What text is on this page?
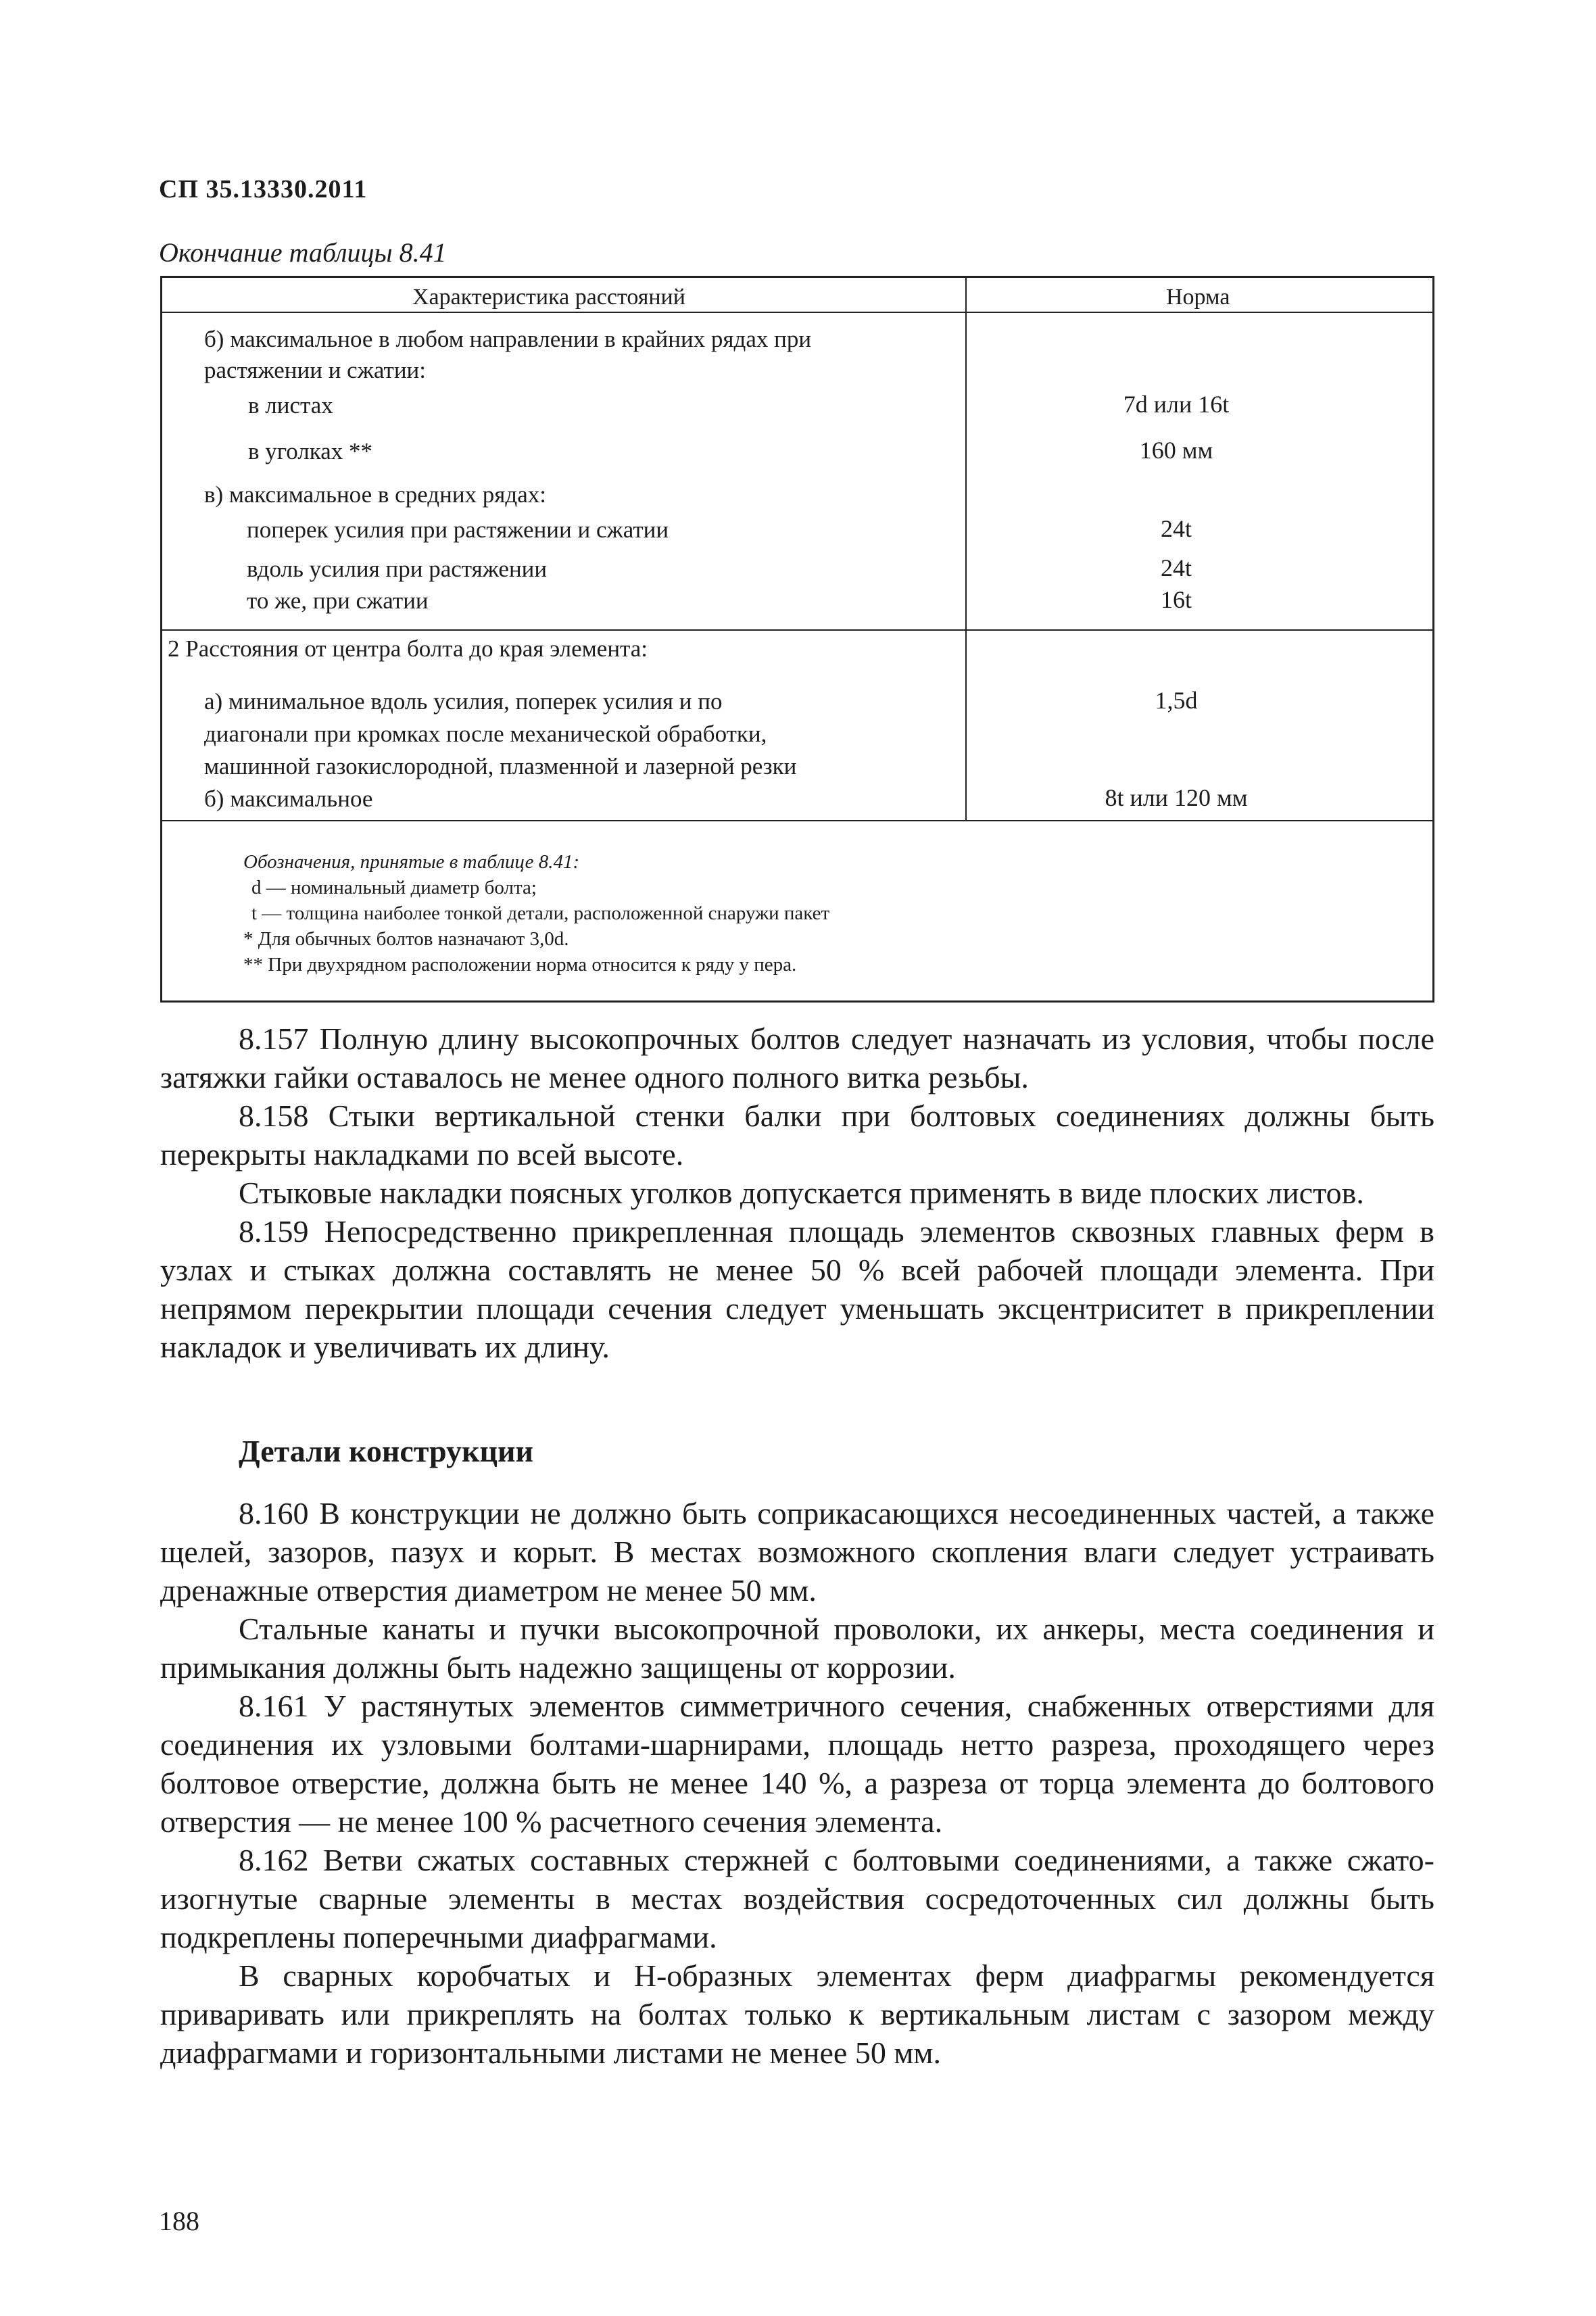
СП 35.13330.2011
Окончание таблицы 8.41
Характеристика расстояний	Норма
б) максимальное в любом направлении в крайних рядах при
растяжении и сжатии:
в листах	7d или 16t
в уголках **	160 мм
в) максимальное в средних рядах:
поперек усилия при растяжении и сжатии	24t
вдоль усилия при растяжении	24t
то же, при сжатии	16t
2 Расстояния от центра болта до края элемента:
а) минимальное вдоль усилия, поперек усилия и по	1,5d
диагонали при кромках после механической обработки,
машинной газокислородной, плазменной и лазерной резки
б) максимальное	8t или 120 мм
Обозначения, принятые в таблице 8.41:
d — номинальный диаметр болта;
t — толщина наиболее тонкой детали, расположенной снаружи пакет
* Для обычных болтов назначают 3,0d.
** При двухрядном расположении норма относится к ряду у пера.

8.157 Полную длину высокопрочных болтов следует назначать из условия, чтобы после затяжки гайки оставалось не менее одного полного витка резьбы.

8.158 Стыки вертикальной стенки балки при болтовых соединениях должны быть перекрыты накладками по всей высоте.

Стыковые накладки поясных уголков допускается применять в виде плоских листов.

8.159 Непосредственно прикрепленная площадь элементов сквозных главных ферм в узлах и стыках должна составлять не менее 50 % всей рабочей площади элемента. При непрямом перекрытии площади сечения следует уменьшать эксцентриситет в прикреплении накладок и увеличивать их длину.

Детали конструкции

8.160 В конструкции не должно быть соприкасающихся несоединенных частей, а также щелей, зазоров, пазух и корыт. В местах возможного скопления влаги следует устраивать дренажные отверстия диаметром не менее 50 мм.

Стальные канаты и пучки высокопрочной проволоки, их анкеры, места соединения и примыкания должны быть надежно защищены от коррозии.

8.161 У растянутых элементов симметричного сечения, снабженных отверстиями для соединения их узловыми болтами-шарнирами, площадь нетто разреза, проходящего через болтовое отверстие, должна быть не менее 140 %, а разреза от торца элемента до болтового отверстия — не менее 100 % расчетного сечения элемента.

8.162 Ветви сжатых составных стержней с болтовыми соединениями, а также сжато-изогнутые сварные элементы в местах воздействия сосредоточенных сил должны быть подкреплены поперечными диафрагмами.

В сварных коробчатых и Н-образных элементах ферм диафрагмы рекомендуется приваривать или прикреплять на болтах только к вертикальным листам с зазором между диафрагмами и горизонтальными листами не менее 50 мм.

188
